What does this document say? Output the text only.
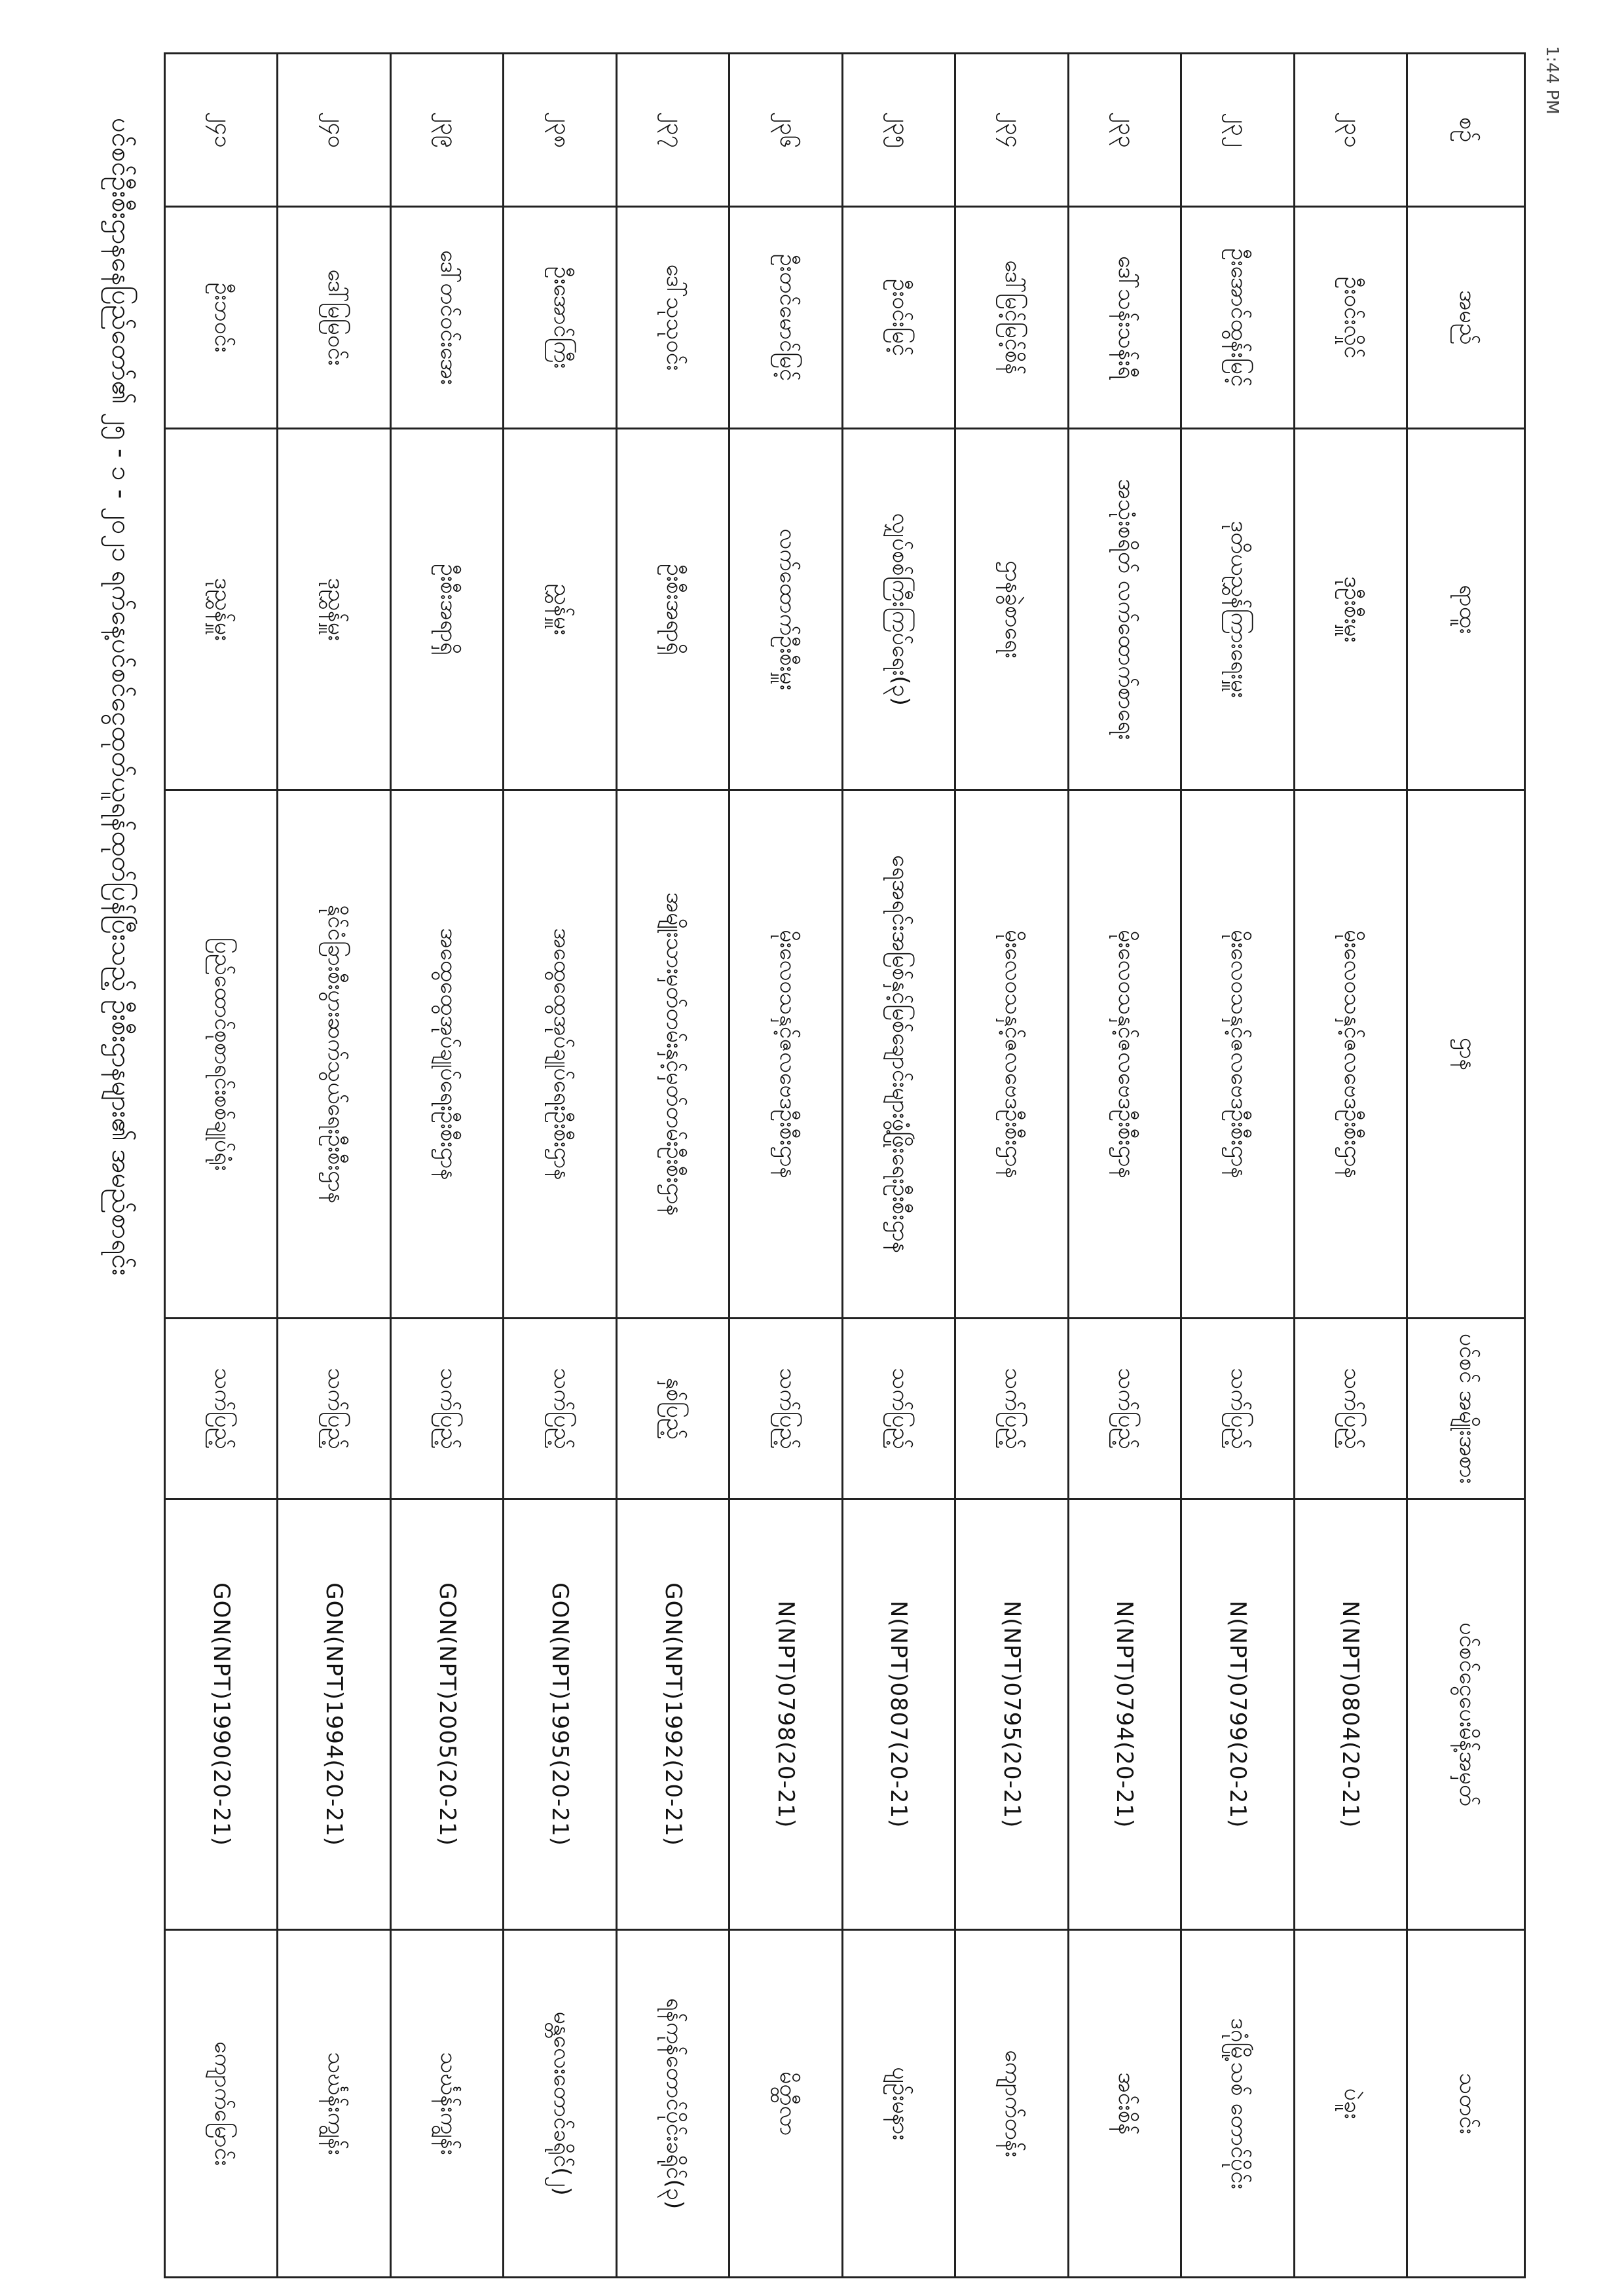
1:44 PM
စဉ်	အမည်	ရာထူး	ဌာန	ပင်စင် အမျိုးအစား	ပင်စင်ငွေပေးမိန့်အမှတ်	သတင်း
၂၃၁	ဦးဝင်းလှိုင်	ဒုဦးစီးမှူး	မိုးလေဝသနှင့်ဇလဗေဒဦးစီးဌာန	သက်ပြည့်	N(NPT)0804(20-21)	ပဲခူး
၂၃၂	ဦးအောင်ထွန်းမြင့်	ဒုတိယညွှန်ကြားရေးမှူး	မိုးလေဝသနှင့်ဇလဗေဒဦးစီးဌာန	သက်ပြည့်	N(NPT)0799(20-21)	ဒဂုံမြို့သစ် တောင်ပိုင်း
၂၃၃	ဒေါ်သန်းသန်းရီ	အသုံးစရိတ် လက်ထောက်စာရေး	မိုးလေဝသနှင့်ဇလဗေဒဦးစီးဌာန	သက်ပြည့်	N(NPT)0794(20-21)	အင်းစိန်
၂၃၄	ဒေါ်မြင့်မြင့်စိန်	ဌာနခွဲစာရေး	မိုးလေဝသနှင့်ဇလဗေဒဦးစီးဌာန	သက်ပြည့်	N(NPT)0795(20-21)	ကျောက်တန်း
၂၃၅	ဦးဝင်းမြင့်	လျှပ်စစ်ကြီးကြပ်ရေး(၃)	ရေအရင်းအမြစ်နှင့်မြစ်ချောင်းများဖွံ့ဖြိုးရေးဦးစီးဌာန	သက်ပြည့်	N(NPT)0807(20-21)	ပျဉ်းမနား
၂၃၆	ဦးတင်မောင်မြင့်	လက်ထောက်ဦးစီးမှူး	မိုးလေဝသနှင့်ဇလဗေဒဦးစီးဌာန	သက်ပြည့်	N(NPT)0798(20-21)	မိတ္ထီလာ
၂၃၇	ဒေါ်သုသုဝင်း	ဦးစီးအရာရှိ	အမျိုးသားမှတ်တမ်းနှင့်မှတ်တမ်းဦးစီးဌာန	နှစ်ပြည့်	GON(NPT)1992(20-21)	ရန်ကုန်တောင်ပိုင်းခရိုင်(၃)
၂၃၈	ဦးအောင်ကြီး	ညွှန်မှူး	အထွေထွေအုပ်ချုပ်ရေးဦးစီးဌာန	သက်ပြည့်	GON(NPT)1995(20-21)	မန္တလေးတောင်ခရိုင်(၂)
၂၃၉	ဒေါ်တင်ဝင်းအေး	ဦးစီးအရာရှိ	အထွေထွေအုပ်ချုပ်ရေးဦးစီးဌာန	သက်ပြည့်	GON(NPT)2005(20-21)	သင်္ဃန်းကျွန်း
၂၄၀	ဒေါ်မြမြဝင်း	ဒုညွှန်မှူး	နိုင်ငံခြားစီးပွားဆက်သွယ်ရေးဦးစီးဌာန	သက်ပြည့်	GON(NPT)1994(20-21)	သင်္ဃန်းကျွန်း
၂၄၁	ဦးဘဝင်း	ဒုညွှန်မှူး	ပြည်ထောင်စုစာရင်းစစ်ချုပ်ရုံး	သက်ပြည့်	GON(NPT)1990(20-21)	ကျောက်မြောင်း
ပင်စင်ဦးစီးဌာနနေပြည်တော်၏ ၂၅ - ၁ - ၂၀၂၁ ရက်နေ့ပင်စင်ငွေထုတ်ယူရန်ထုတ်ပြန်ပြီးသည့် ဦးစီးဌာနများ၏ အမည်စာရင်း
